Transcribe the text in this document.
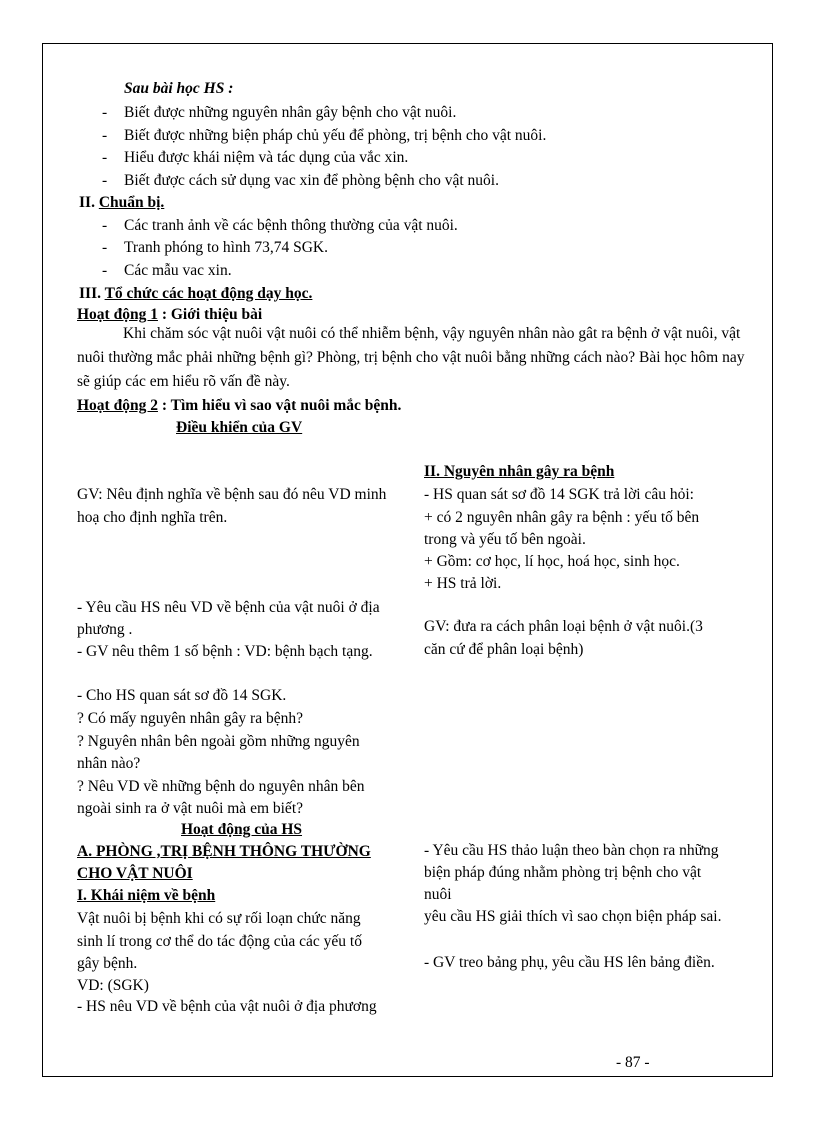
Sau bài học HS :
- Biết được những nguyên nhân gây bệnh cho vật nuôi.
- Biết được những biện pháp chủ yếu để phòng, trị bệnh cho vật nuôi.
- Hiểu được khái niệm và tác dụng của vắc xin.
- Biết được cách sử dụng vac xin để phòng bệnh cho vật nuôi.
II. Chuẩn bị.
- Các tranh ảnh về các bệnh thông thường của vật nuôi.
- Tranh phóng to hình 73,74 SGK.
- Các mẫu vac xin.
III. Tổ chức các hoạt động dạy học.
Hoạt động 1 : Giới thiệu bài
Khi chăm sóc vật nuôi vật nuôi có thể nhiễm bệnh, vậy nguyên nhân nào gât ra bệnh ở vật nuôi, vật nuôi thường mắc phải những bệnh gì? Phòng, trị bệnh cho vật nuôi bằng những cách nào? Bài học hôm nay sẽ giúp các em hiểu rõ vấn đề này.
Hoạt động 2 : Tìm hiểu vì sao vật nuôi mắc bệnh.
Điều khiển của GV
GV: Nêu định nghĩa về bệnh sau đó nêu VD minh
hoạ cho định nghĩa trên.
- Yêu cầu HS nêu VD về bệnh của vật nuôi ở địa
phương .
- GV nêu thêm 1 số bệnh : VD: bệnh bạch tạng.
- Cho HS quan sát sơ đồ 14 SGK.
? Có mấy nguyên nhân gây ra bệnh?
? Nguyên nhân bên ngoài gồm những nguyên
nhân nào?
? Nêu VD về những bệnh do nguyên nhân bên
ngoài sinh ra ở vật nuôi mà em biết?
Hoạt động của HS
A. PHÒNG ,TRỊ BỆNH THÔNG THƯỜNG
CHO VẬT NUÔI
I. Khái niệm về bệnh
Vật nuôi bị bệnh khi có sự rối loạn chức năng
sinh lí trong cơ thể do tác động của các yếu tố
gây bệnh.
VD: (SGK)
- HS nêu VD về bệnh của vật nuôi ở địa phương
II. Nguyên nhân gây ra bệnh
- HS quan sát sơ đồ 14 SGK trả lời câu hỏi:
+ có 2 nguyên nhân gây ra bệnh : yếu tố bên
trong và yếu tố bên ngoài.
+ Gồm: cơ học, lí học, hoá học, sinh học.
+ HS trả lời.
GV: đưa ra cách phân loại bệnh ở vật nuôi.(3
căn cứ để phân loại bệnh)
- Yêu cầu HS thảo luận theo bàn chọn ra những
biện pháp đúng nhằm phòng trị bệnh cho vật
nuôi
yêu cầu HS giải thích vì sao chọn biện pháp sai.
- GV treo bảng phụ, yêu cầu HS lên bảng điền.
- 87 -
